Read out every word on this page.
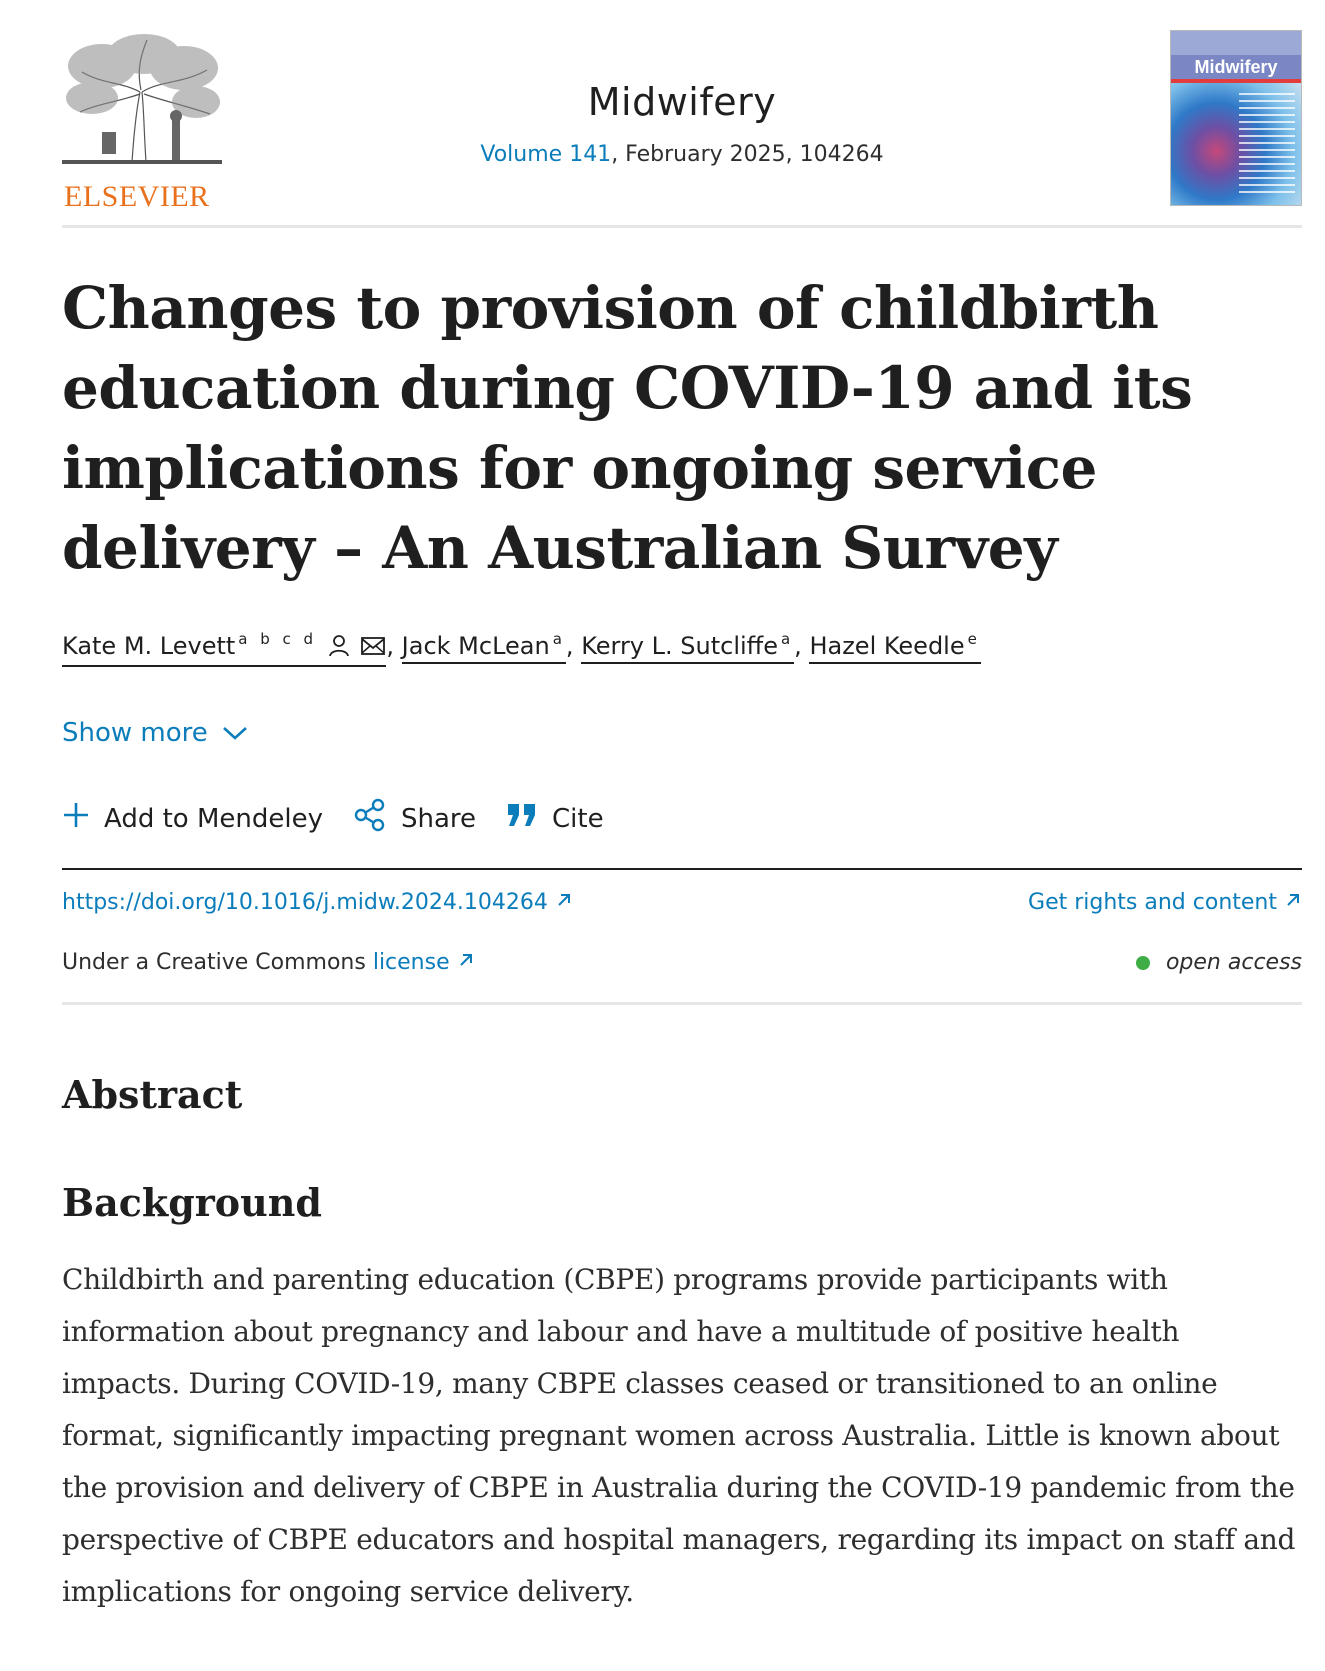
ELSEVIER
Midwifery
Volume 141, February 2025, 104264
Midwifery
Changes to provision of childbirth education during COVID-19 and its implications for ongoing service delivery – An Australian Survey
Kate M. Levett $^{a b c d}$	, Jack McLean $^a$, Kerry L. Sutcliffe $^a$, Hazel Keedle $^e$
Show more
Add to Mendeley	Share	Cite
https://doi.org/10.1016/j.midw.2024.104264	Get rights and content
Under a Creative Commons license	open access
Abstract
Background

Childbirth and parenting education (CBPE) programs provide participants with information about pregnancy and labour and have a multitude of positive health impacts. During COVID-19, many CBPE classes ceased or transitioned to an online format, significantly impacting pregnant women across Australia. Little is known about the provision and delivery of CBPE in Australia during the COVID-19 pandemic from the perspective of CBPE educators and hospital managers, regarding its impact on staff and implications for ongoing service delivery.
